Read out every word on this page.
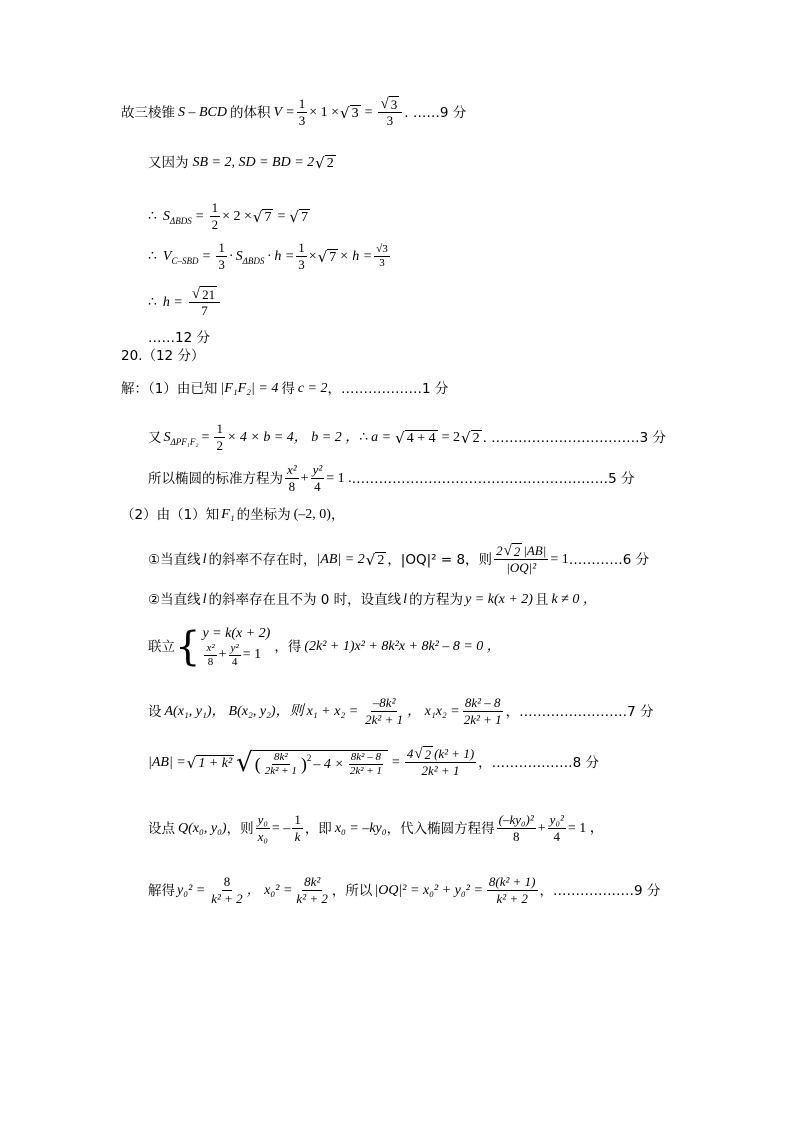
故三棱锥 S – BCD 的体积 $V = \frac{1}{3} \times 1$ × √ $3 = \frac{√ 3}{3}$ . ……9 分
又因为 SB = 2, SD = BD = 2 √ 2
∴ S $\Delta BDS = \frac{1}{2} \times 2$ × √ 7 = √ 7
∴ V $C-SBD = \frac{1}{3} \cdot S$ $\Delta BDS \cdot h = \frac{1}{3}$ × √ $7 \times h = \frac{√3}{3}$
∴ $h = \frac{√ 21}{7}$
……12 分
20.（12 分）
解：（1）由已知 |F₁F₂| = 4 得 c = 2 ，………………1 分
又 S $\Delta PF_1F_2 = \frac{1}{2} \times 4 \times b = 4$ ， b = 2 ， ∴ a = √ 4 + 4 = 2 √ 2 . ……………………………3 分
所以椭圆的标准方程为 $\frac{\text{x²}}{8} + \frac{\text{y²}}{4} = 1$ . …………………………………………………5 分
（2）由（1）知 F₁ 的坐标为 (–2, 0) ，
①当直线 l 的斜率不存在时， |AB| = 2 √ 2 ，|OQ|² = 8，则 $\frac{2 √ 2 |AB|}{\text{|OQ|²}} = 1$ …………6 分
②当直线 l 的斜率存在且不为 0 时，设直线 l 的方程为 y = k(x + 2) 且 k ≠ 0 ，
联立 { y = k(x + 2)
$\frac{\text{x²}}{8} + \frac{\text{y²}}{4} = 1$ ，得 (2k² + 1)x² + 8k²x + 8k² – 8 = 0 ，
设 A(x₁, y₁)， B(x₂, y₂)，则 $x_1 + x_2 = \frac{\text{–8k²}}{\text{2k² + 1}}$ ， $x_1x_2 = \frac{\text{8k² – 8}}{\text{2k² + 1}}$ ，……………………7 分
|AB| = √ 1 + k² √ ( $\frac{\text{8k²}}{\text{2k² + 1}}$ ) $2 - 4 \times \frac{\text{8k² – 8}}{\text{2k² + 1}} = \frac{\text{4 √ 2 (k² + 1)}}{\text{2k² + 1}}$ ，………………8 分
设点 Q(x₀, y₀) ，则 $\frac{\text{y₀}}{\text{x₀}}$ = – $\frac{1}{k}$ ，即 x₀ = –ky₀ ，代入椭圆方程得 $\frac{\text{(–ky₀)²}}{8} + \frac{\text{y₀²}}{4} = 1$ ，
解得 $y_0^2 = \frac{8}{\text{k² + 2}}$ ， $x_0^2 = \frac{\text{8k²}}{\text{k² + 2}}$ ，所以 $|OQ|^2 = x_0^2 + y_0^2 = \frac{\text{8(k² + 1)}}{\text{k² + 2}}$ ，………………9 分
